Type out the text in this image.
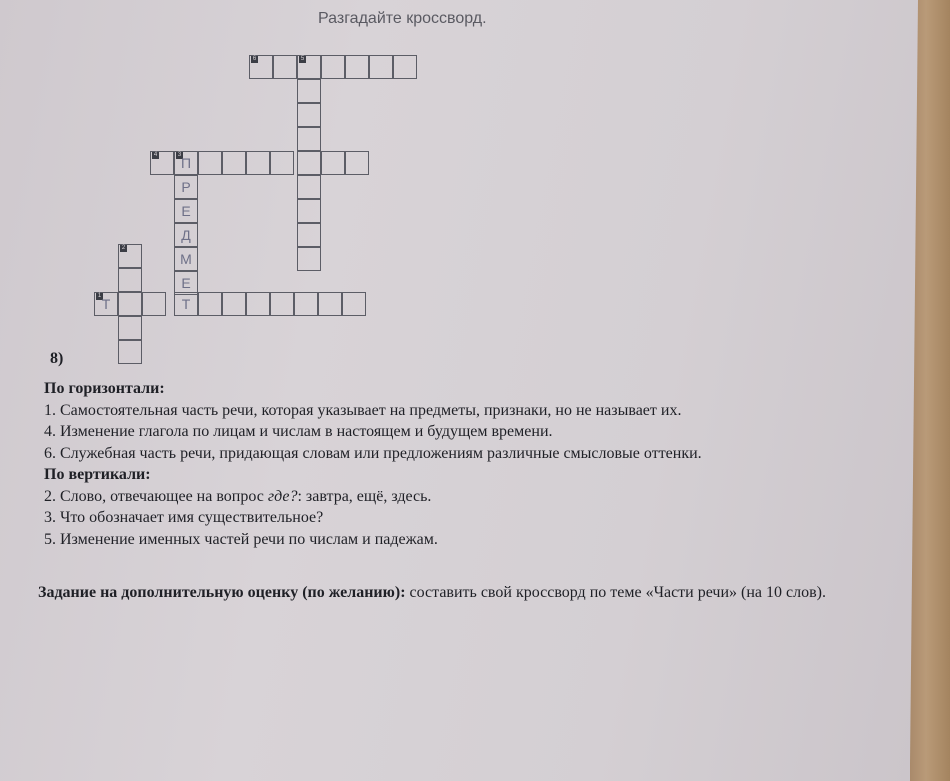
Разгадайте кроссворд.
6	5
4	3 П
Р
Е
Д
М
Е
2
1 Т	Т
8)
По горизонтали:
1. Самостоятельная часть речи, которая указывает на предметы, признаки, но не называет их.
4. Изменение глагола по лицам и числам в настоящем и будущем времени.
6. Служебная часть речи, придающая словам или предложениям различные смысловые оттенки.
По вертикали:
2. Слово, отвечающее на вопрос где?: завтра, ещё, здесь.
3. Что обозначает имя существительное?
5. Изменение именных частей речи по числам и падежам.
Задание на дополнительную оценку (по желанию): составить свой кроссворд по теме «Части речи» (на 10 слов).
